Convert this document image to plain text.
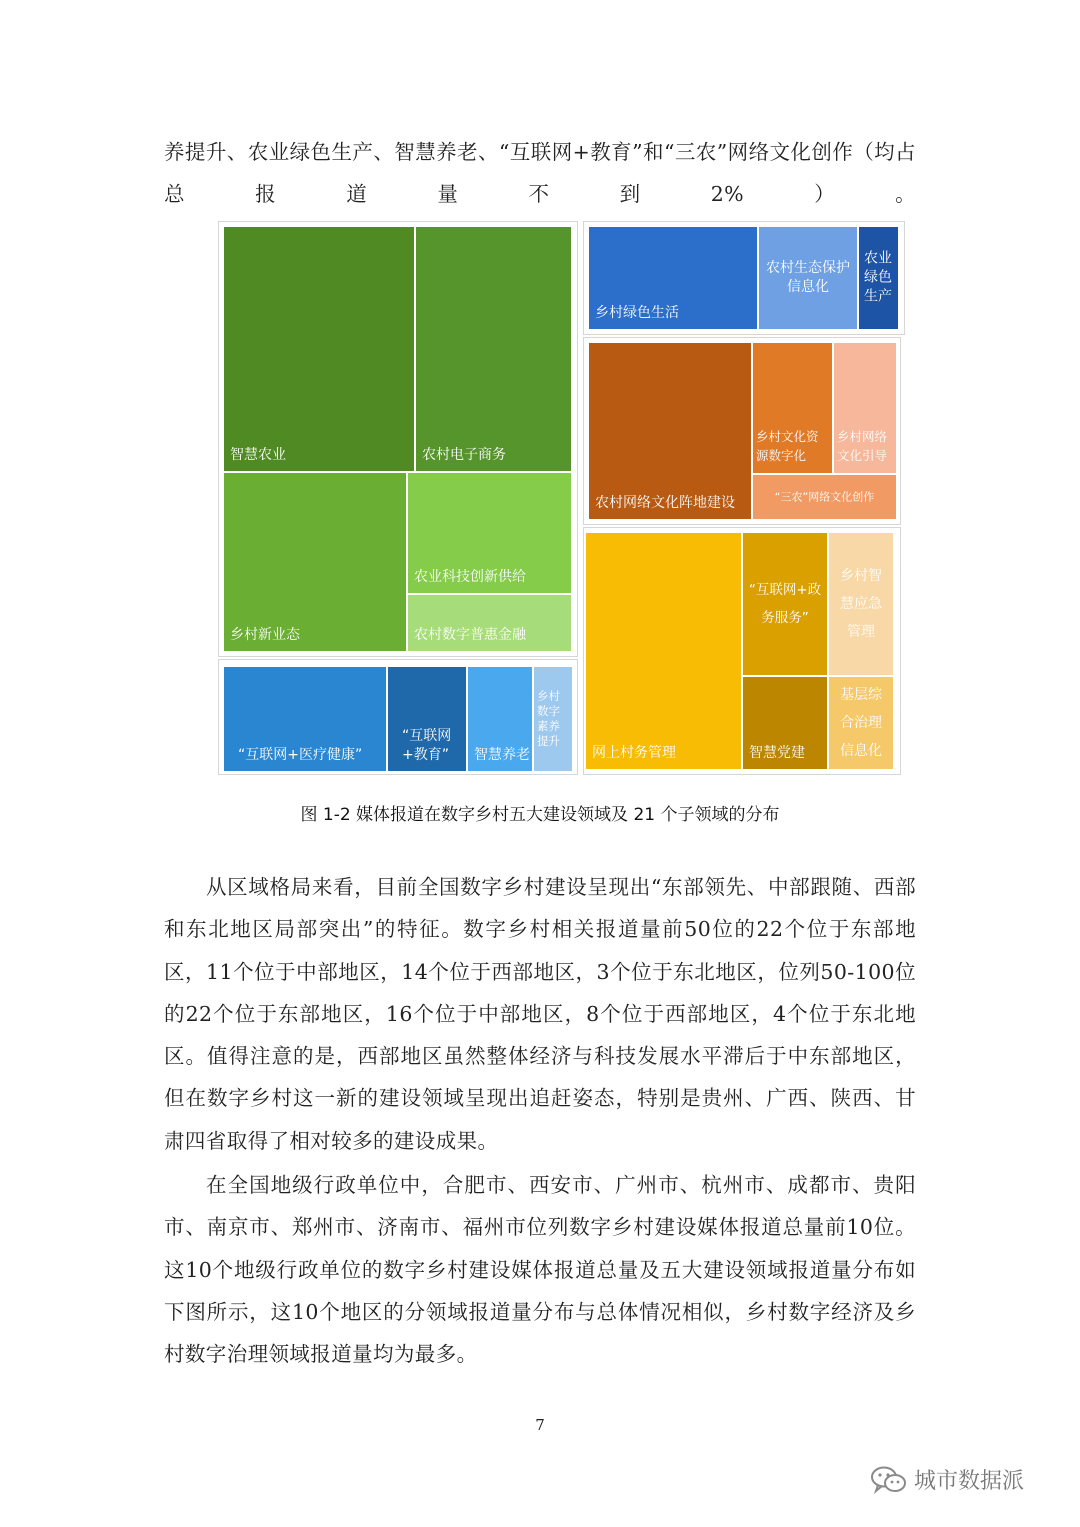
养提升、农业绿色生产、智慧养老、“互联网+教育”和“三农”网络文化创作（均占总报道量不到2%）。

智慧农业	农村电子商务
乡村新业态
农业科技创新供给
农村数字普惠金融
“互联网+医疗健康”
“互联网+教育”	智慧养老
乡村数字素养提升
乡村绿色生活
农村生态保护信息化
农业绿色生产
农村网络文化阵地建设
乡村文化资源数字化
乡村网络文化引导
“三农”网络文化创作
网上村务管理
“互联网+政务服务”
乡村智慧应急管理
智慧党建
基层综合治理信息化
图 1-2 媒体报道在数字乡村五大建设领域及 21 个子领域的分布

从区域格局来看，目前全国数字乡村建设呈现出“东部领先、中部跟随、西部和东北地区局部突出”的特征。数字乡村相关报道量前50位的22个位于东部地区，11个位于中部地区，14个位于西部地区，3个位于东北地区，位列50-100位的22个位于东部地区，16个位于中部地区，8个位于西部地区，4个位于东北地区。值得注意的是，西部地区虽然整体经济与科技发展水平滞后于中东部地区，但在数字乡村这一新的建设领域呈现出追赶姿态，特别是贵州、广西、陕西、甘肃四省取得了相对较多的建设成果。

在全国地级行政单位中，合肥市、西安市、广州市、杭州市、成都市、贵阳市、南京市、郑州市、济南市、福州市位列数字乡村建设媒体报道总量前10位。这10个地级行政单位的数字乡村建设媒体报道总量及五大建设领域报道量分布如下图所示，这10个地区的分领域报道量分布与总体情况相似，乡村数字经济及乡村数字治理领域报道量均为最多。

7
城市数据派
